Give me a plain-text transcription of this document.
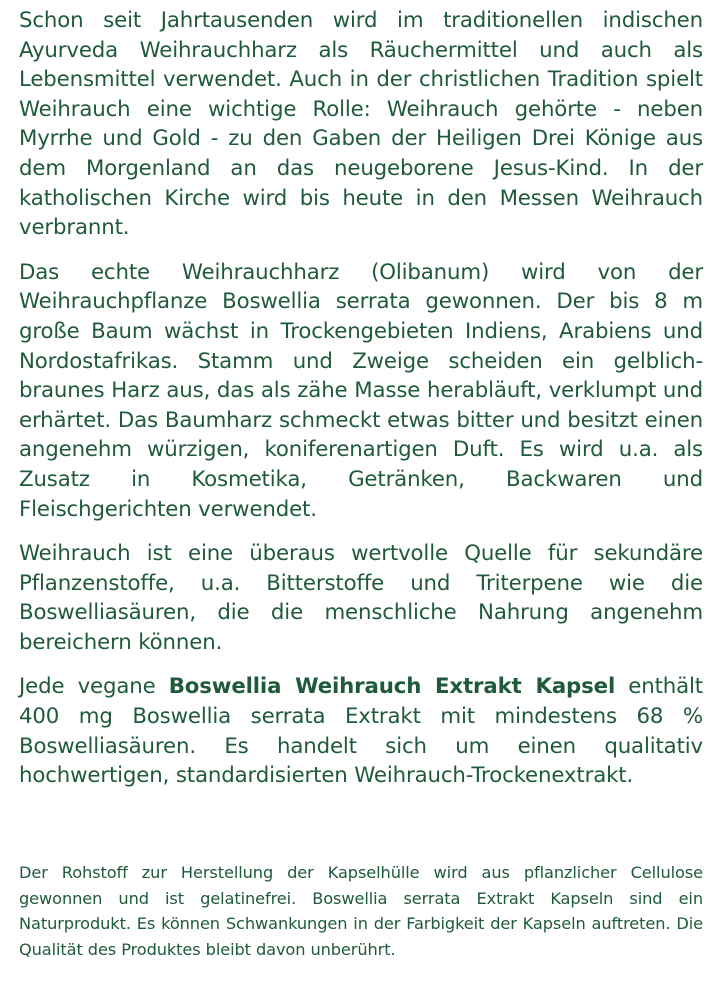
Schon seit Jahrtausenden wird im traditionellen indischen Ayurveda Weihrauchharz als Räuchermittel und auch als Lebensmittel verwendet. Auch in der christlichen Tradition spielt Weihrauch eine wichtige Rolle: Weihrauch gehörte - neben Myrrhe und Gold - zu den Gaben der Heiligen Drei Könige aus dem Morgenland an das neugeborene Jesus-Kind. In der katholischen Kirche wird bis heute in den Messen Weihrauch verbrannt.

Das echte Weihrauchharz (Olibanum) wird von der Weihrauchpflanze Boswellia serrata gewonnen. Der bis 8 m große Baum wächst in Trockengebieten Indiens, Arabiens und Nordostafrikas. Stamm und Zweige scheiden ein gelblich-braunes Harz aus, das als zähe Masse herabläuft, verklumpt und erhärtet. Das Baumharz schmeckt etwas bitter und besitzt einen angenehm würzigen, koniferenartigen Duft. Es wird u.a. als Zusatz in Kosmetika, Getränken, Backwaren und Fleischgerichten verwendet.

Weihrauch ist eine überaus wertvolle Quelle für sekundäre Pflanzenstoffe, u.a. Bitterstoffe und Triterpene wie die Boswelliasäuren, die die menschliche Nahrung angenehm bereichern können.

Jede vegane Boswellia Weihrauch Extrakt Kapsel enthält 400 mg Boswellia serrata Extrakt mit mindestens 68 % Boswelliasäuren. Es handelt sich um einen qualitativ hochwertigen, standardisierten Weihrauch-Trockenextrakt.

Der Rohstoff zur Herstellung der Kapselhülle wird aus pflanzlicher Cellulose gewonnen und ist gelatinefrei. Boswellia serrata Extrakt Kapseln sind ein Naturprodukt. Es können Schwankungen in der Farbigkeit der Kapseln auftreten. Die Qualität des Produktes bleibt davon unberührt.
